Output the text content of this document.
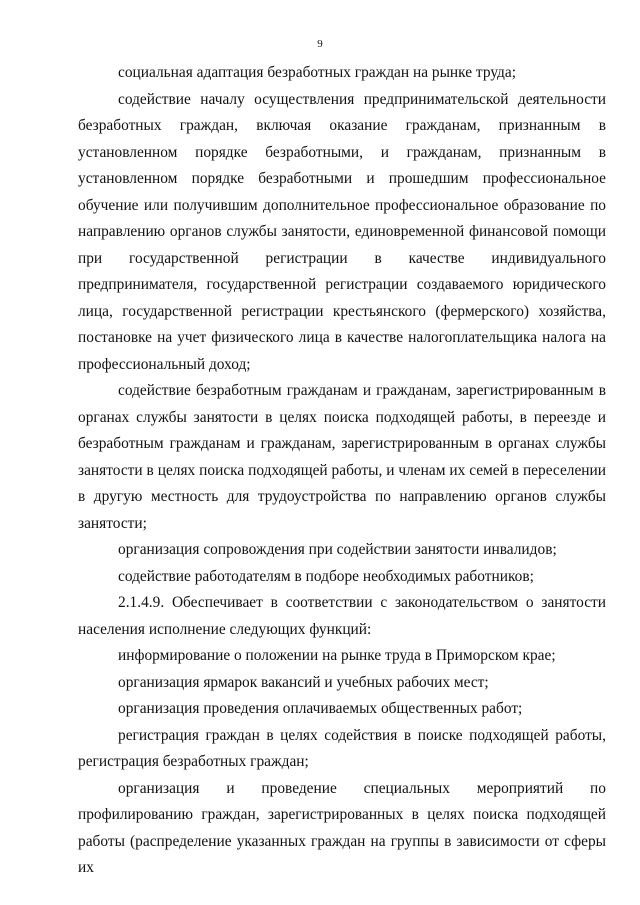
9

социальная адаптация безработных граждан на рынке труда;

содействие началу осуществления предпринимательской деятельности безработных граждан, включая оказание гражданам, признанным в установленном порядке безработными, и гражданам, признанным в установленном порядке безработными и прошедшим профессиональное обучение или получившим дополнительное профессиональное образование по направлению органов службы занятости, единовременной финансовой помощи при государственной регистрации в качестве индивидуального предпринимателя, государственной регистрации создаваемого юридического лица, государственной регистрации крестьянского (фермерского) хозяйства, постановке на учет физического лица в качестве налогоплательщика налога на профессиональный доход;

содействие безработным гражданам и гражданам, зарегистрированным в органах службы занятости в целях поиска подходящей работы, в переезде и безработным гражданам и гражданам, зарегистрированным в органах службы занятости в целях поиска подходящей работы, и членам их семей в переселении в другую местность для трудоустройства по направлению органов службы занятости;

организация сопровождения при содействии занятости инвалидов;

содействие работодателям в подборе необходимых работников;

2.1.4.9. Обеспечивает в соответствии с законодательством о занятости населения исполнение следующих функций:

информирование о положении на рынке труда в Приморском крае;

организация ярмарок вакансий и учебных рабочих мест;

организация проведения оплачиваемых общественных работ;

регистрация граждан в целях содействия в поиске подходящей работы, регистрация безработных граждан;

организация и проведение специальных мероприятий по профилированию граждан, зарегистрированных в целях поиска подходящей работы (распределение указанных граждан на группы в зависимости от сферы их
